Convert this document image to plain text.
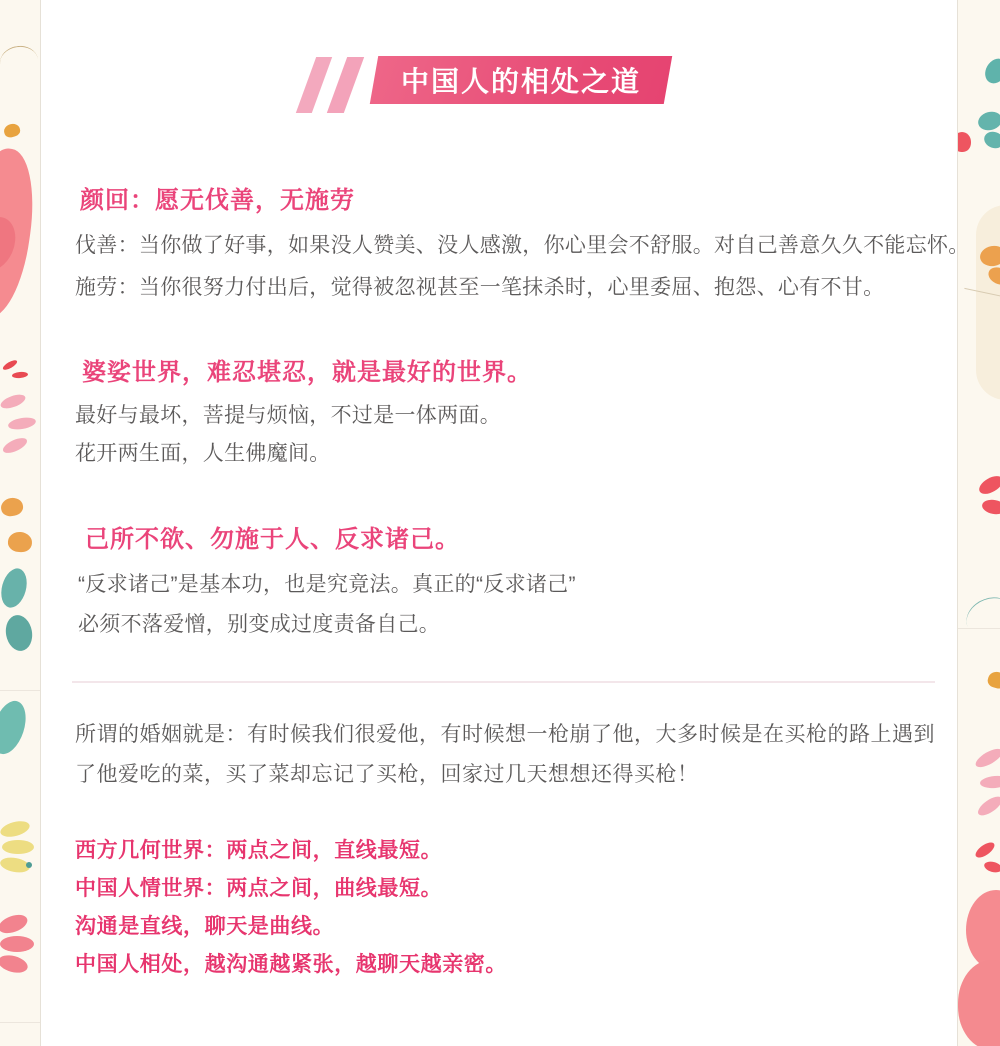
中国人的相处之道
颜回：愿无伐善，无施劳
伐善：当你做了好事，如果没人赞美、没人感激，你心里会不舒服。对自己善意久久不能忘怀。
施劳：当你很努力付出后，觉得被忽视甚至一笔抹杀时，心里委屈、抱怨、心有不甘。
婆娑世界，难忍堪忍，就是最好的世界。
最好与最坏，菩提与烦恼，不过是一体两面。
花开两生面，人生佛魔间。
己所不欲、勿施于人、反求诸己。
“反求诸己”是基本功，也是究竟法。真正的“反求诸己”
必须不落爱憎，别变成过度责备自己。
所谓的婚姻就是：有时候我们很爱他，有时候想一枪崩了他，大多时候是在买枪的路上遇到
了他爱吃的菜，买了菜却忘记了买枪，回家过几天想想还得买枪！
西方几何世界：两点之间，直线最短。
中国人情世界：两点之间，曲线最短。
沟通是直线，聊天是曲线。
中国人相处，越沟通越紧张，越聊天越亲密。
